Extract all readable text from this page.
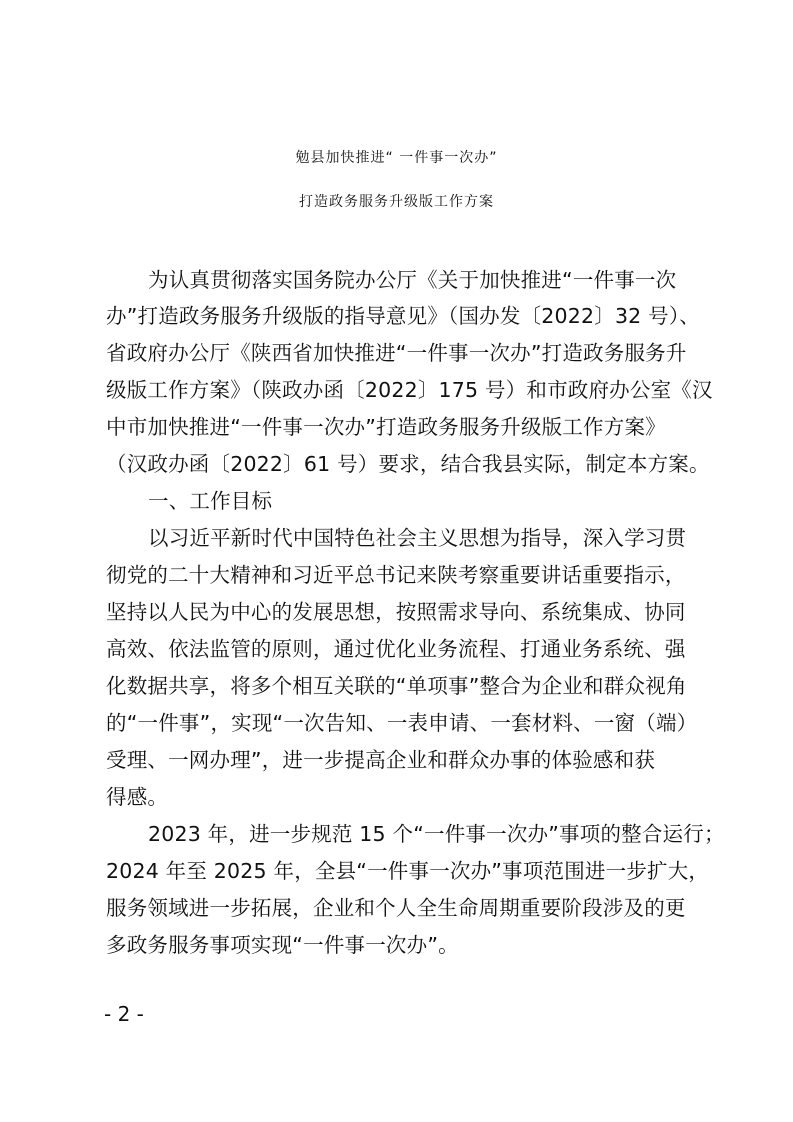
勉县加快推进“ 一件事一次办”
打造政务服务升级版工作方案
为认真贯彻落实国务院办公厅《关于加快推进“一件事一次
办”打造政务服务升级版的指导意见》（国办发〔2022〕32 号）、
省政府办公厅《陕西省加快推进“一件事一次办”打造政务服务升
级版工作方案》（陕政办函〔2022〕175 号）和市政府办公室《汉
中市加快推进“一件事一次办”打造政务服务升级版工作方案》
（汉政办函〔2022〕61 号）要求，结合我县实际，制定本方案。
一、工作目标
以习近平新时代中国特色社会主义思想为指导，深入学习贯
彻党的二十大精神和习近平总书记来陕考察重要讲话重要指示，
坚持以人民为中心的发展思想，按照需求导向、系统集成、协同
高效、依法监管的原则，通过优化业务流程、打通业务系统、强
化数据共享，将多个相互关联的“单项事”整合为企业和群众视角
的“一件事”，实现“一次告知、一表申请、一套材料、一窗（端）
受理、一网办理”，进一步提高企业和群众办事的体验感和获
得感。
2023 年，进一步规范 15 个“一件事一次办”事项的整合运行；
2024 年至 2025 年，全县“一件事一次办”事项范围进一步扩大，
服务领域进一步拓展，企业和个人全生命周期重要阶段涉及的更
多政务服务事项实现“一件事一次办”。
- 2 -
